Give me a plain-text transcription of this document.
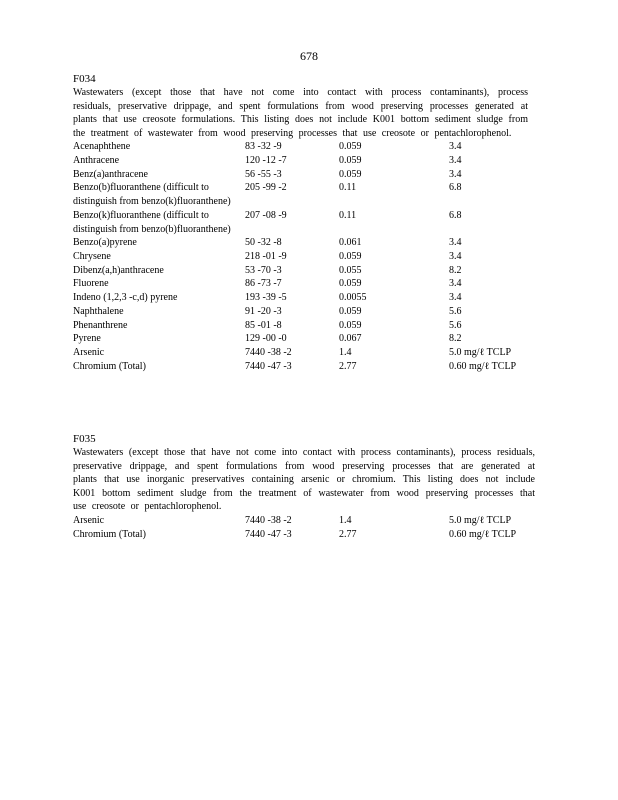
678
F034
Wastewaters (except those that have not come into contact with process contaminants), process residuals, preservative drippage, and spent formulations from wood preserving processes generated at plants that use creosote formulations. This listing does not include K001 bottom sediment sludge from the treatment of wastewater from wood preserving processes that use creosote or pentachlorophenol.
Acenaphthene	83 -32 -9	0.059	3.4
Anthracene	120 -12 -7	0.059	3.4
Benz(a)anthracene	56 -55 -3	0.059	3.4
Benzo(b)fluoranthene (difficult to distinguish from benzo(k)fluoranthene)	205 -99 -2	0.11	6.8
Benzo(k)fluoranthene (difficult to distinguish from benzo(b)fluoranthene)	207 -08 -9	0.11	6.8
Benzo(a)pyrene	50 -32 -8	0.061	3.4
Chrysene	218 -01 -9	0.059	3.4
Dibenz(a,h)anthracene	53 -70 -3	0.055	8.2
Fluorene	86 -73 -7	0.059	3.4
Indeno (1,2,3 -c,d) pyrene	193 -39 -5	0.0055	3.4
Naphthalene	91 -20 -3	0.059	5.6
Phenanthrene	85 -01 -8	0.059	5.6
Pyrene	129 -00 -0	0.067	8.2
Arsenic	7440 -38 -2	1.4	5.0 mg/ℓ TCLP
Chromium (Total)	7440 -47 -3	2.77	0.60 mg/ℓ TCLP
F035
Wastewaters (except those that have not come into contact with process contaminants), process residuals, preservative drippage, and spent formulations from wood preserving processes that are generated at plants that use inorganic preservatives containing arsenic or chromium. This listing does not include K001 bottom sediment sludge from the treatment of wastewater from wood preserving processes that use creosote or pentachlorophenol.
Arsenic	7440 -38 -2	1.4	5.0 mg/ℓ TCLP
Chromium (Total)	7440 -47 -3	2.77	0.60 mg/ℓ TCLP
